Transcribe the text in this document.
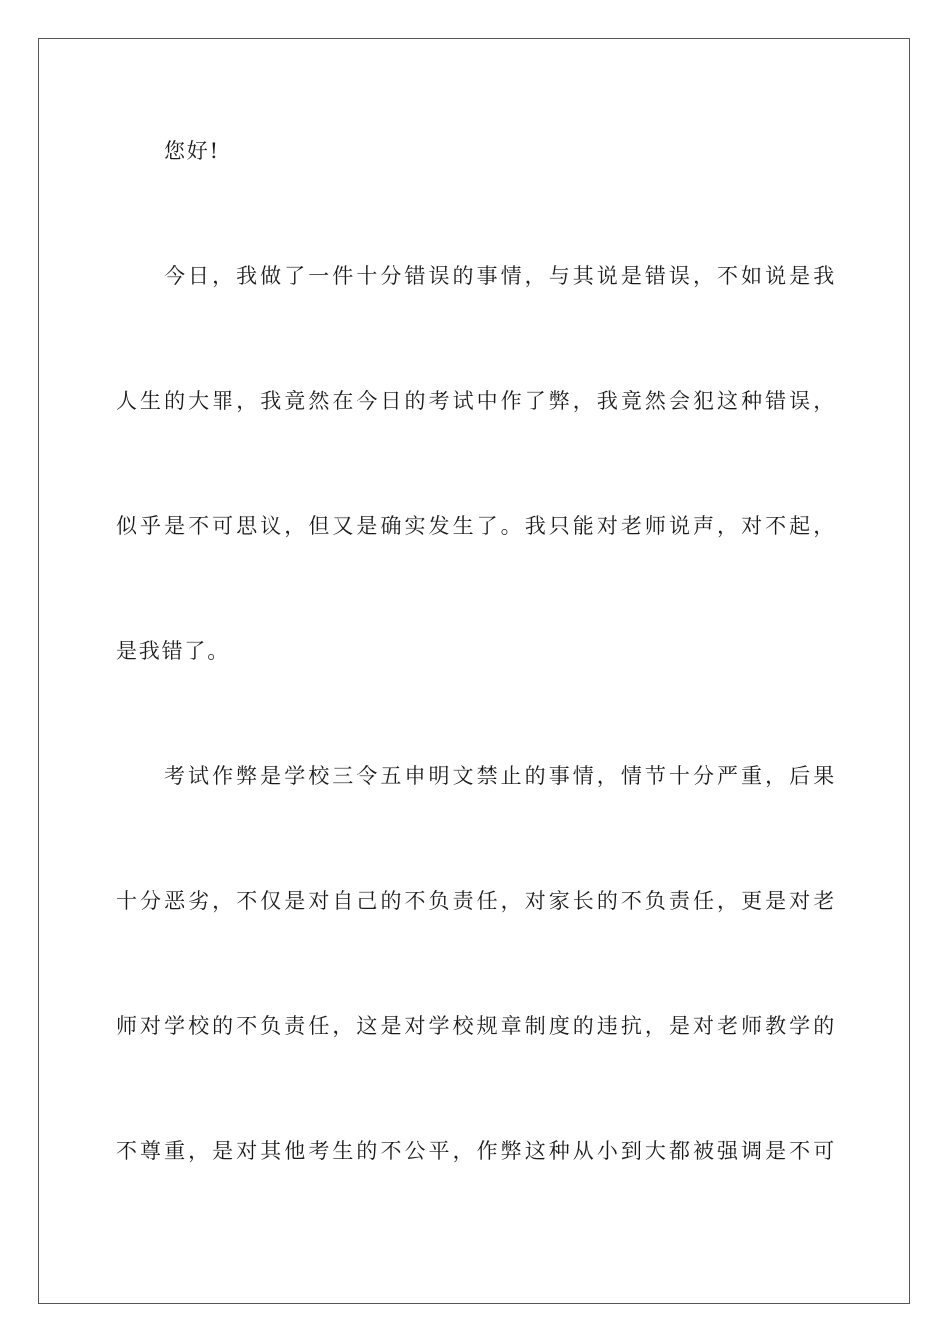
您好!
今日，我做了一件十分错误的事情，与其说是错误，不如说是我
人生的大罪，我竟然在今日的考试中作了弊，我竟然会犯这种错误，
似乎是不可思议，但又是确实发生了。我只能对老师说声，对不起，
是我错了。
考试作弊是学校三令五申明文禁止的事情，情节十分严重，后果
十分恶劣，不仅是对自己的不负责任，对家长的不负责任，更是对老
师对学校的不负责任，这是对学校规章制度的违抗，是对老师教学的
不尊重，是对其他考生的不公平，作弊这种从小到大都被强调是不可
